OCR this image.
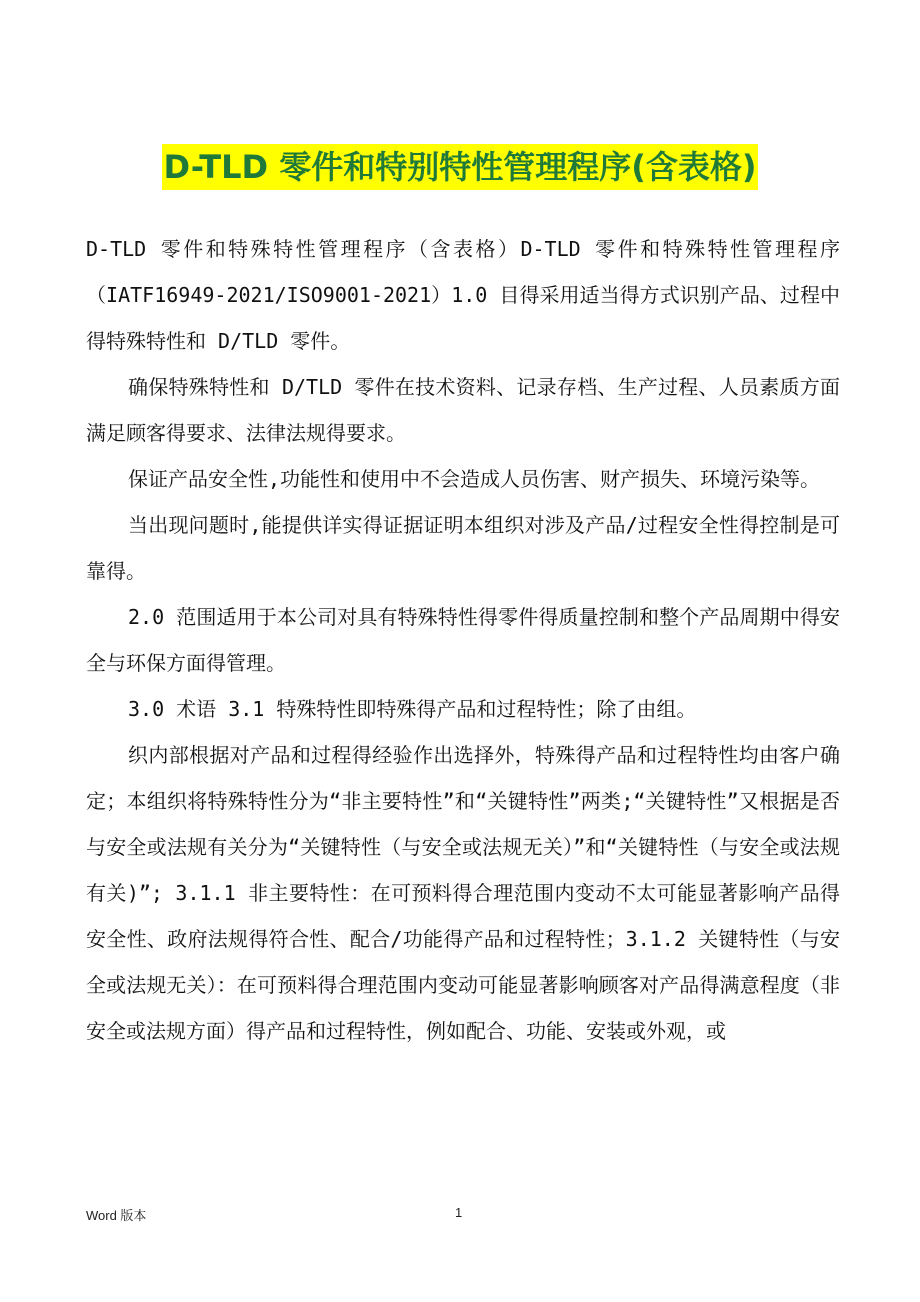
D-TLD 零件和特别特性管理程序(含表格)

D-TLD 零件和特殊特性管理程序（含表格）D-TLD 零件和特殊特性管理程序（IATF16949-2021/ISO9001-2021）1.0 目得采用适当得方式识别产品、过程中得特殊特性和 D/TLD 零件。

确保特殊特性和 D/TLD 零件在技术资料、记录存档、生产过程、人员素质方面满足顾客得要求、法律法规得要求。

保证产品安全性,功能性和使用中不会造成人员伤害、财产损失、环境污染等。

当出现问题时,能提供详实得证据证明本组织对涉及产品/过程安全性得控制是可靠得。

2.0 范围适用于本公司对具有特殊特性得零件得质量控制和整个产品周期中得安全与环保方面得管理。

3.0 术语 3.1 特殊特性即特殊得产品和过程特性；除了由组。

织内部根据对产品和过程得经验作出选择外，特殊得产品和过程特性均由客户确定；本组织将特殊特性分为“非主要特性”和“关键特性”两类;“关键特性”又根据是否与安全或法规有关分为“关键特性（与安全或法规无关）”和“关键特性（与安全或法规有关)”; 3.1.1 非主要特性：在可预料得合理范围内变动不太可能显著影响产品得安全性、政府法规得符合性、配合/功能得产品和过程特性；3.1.2 关键特性（与安全或法规无关）：在可预料得合理范围内变动可能显著影响顾客对产品得满意程度（非安全或法规方面）得产品和过程特性，例如配合、功能、安装或外观，或

Word 版本	1
